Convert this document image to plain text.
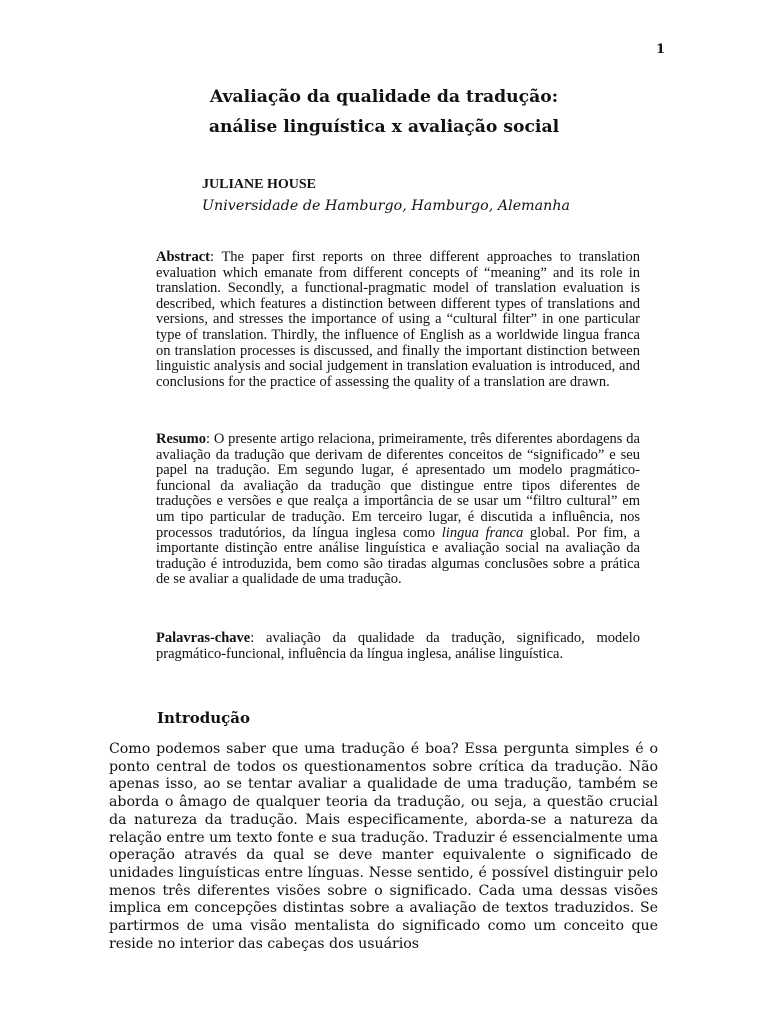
1
Avaliação da qualidade da tradução:
análise linguística x avaliação social

JULIANE HOUSE

Universidade de Hamburgo, Hamburgo, Alemanha

Abstract: The paper first reports on three different approaches to translation evaluation which emanate from different concepts of “meaning” and its role in translation. Secondly, a functional-pragmatic model of translation evaluation is described, which features a distinction between different types of translations and versions, and stresses the importance of using a “cultural filter” in one particular type of translation. Thirdly, the influence of English as a worldwide lingua franca on translation processes is discussed, and finally the important distinction between linguistic analysis and social judgement in translation evaluation is introduced, and conclusions for the practice of assessing the quality of a translation are drawn.

Resumo: O presente artigo relaciona, primeiramente, três diferentes abordagens da avaliação da tradução que derivam de diferentes conceitos de “significado” e seu papel na tradução. Em segundo lugar, é apresentado um modelo pragmático-funcional da avaliação da tradução que distingue entre tipos diferentes de traduções e versões e que realça a importância de se usar um “filtro cultural” em um tipo particular de tradução. Em terceiro lugar, é discutida a influência, nos processos tradutórios, da língua inglesa como lingua franca global. Por fim, a importante distinção entre análise linguística e avaliação social na avaliação da tradução é introduzida, bem como são tiradas algumas conclusões sobre a prática de se avaliar a qualidade de uma tradução.

Palavras-chave: avaliação da qualidade da tradução, significado, modelo pragmático-funcional, influência da língua inglesa, análise linguística.

Introdução

Como podemos saber que uma tradução é boa? Essa pergunta simples é o ponto central de todos os questionamentos sobre crítica da tradução. Não apenas isso, ao se tentar avaliar a qualidade de uma tradução, também se aborda o âmago de qualquer teoria da tradução, ou seja, a questão crucial da natureza da tradução. Mais especificamente, aborda-se a natureza da relação entre um texto fonte e sua tradução. Traduzir é essencialmente uma operação através da qual se deve manter equivalente o significado de unidades linguísticas entre línguas. Nesse sentido, é possível distinguir pelo menos três diferentes visões sobre o significado. Cada uma dessas visões implica em concepções distintas sobre a avaliação de textos traduzidos. Se partirmos de uma visão mentalista do significado como um conceito que reside no interior das cabeças dos usuários
